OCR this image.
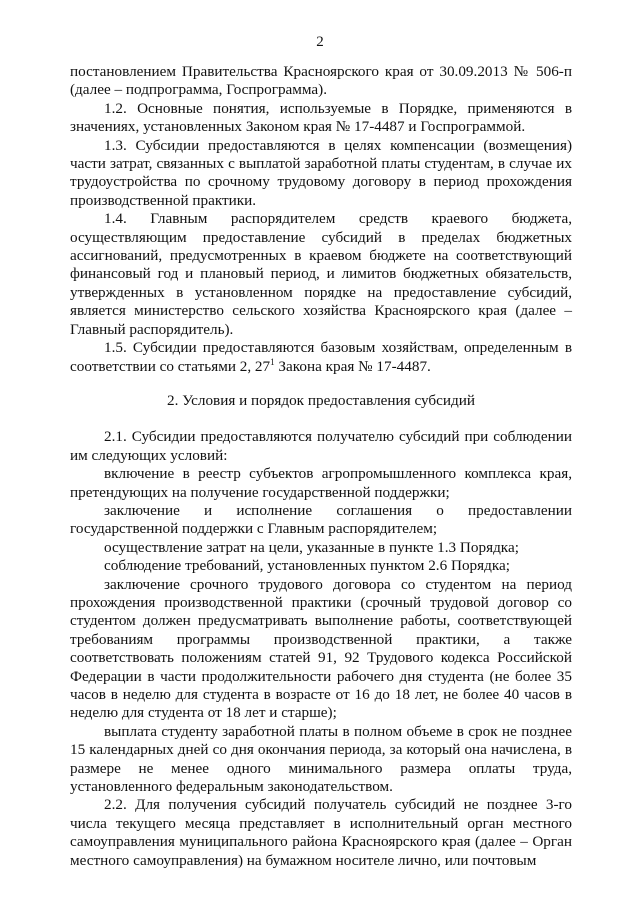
2

постановлением Правительства Красноярского края от 30.09.2013 № 506-п (далее – подпрограмма, Госпрограмма).

1.2. Основные понятия, используемые в Порядке, применяются в значениях, установленных Законом края № 17-4487 и Госпрограммой.

1.3. Субсидии предоставляются в целях компенсации (возмещения) части затрат, связанных с выплатой заработной платы студентам, в случае их трудоустройства по срочному трудовому договору в период прохождения производственной практики.

1.4. Главным распорядителем средств краевого бюджета, осуществляющим предоставление субсидий в пределах бюджетных ассигнований, предусмотренных в краевом бюджете на соответствующий финансовый год и плановый период, и лимитов бюджетных обязательств, утвержденных в установленном порядке на предоставление субсидий, является министерство сельского хозяйства Красноярского края (далее – Главный распорядитель).

1.5. Субсидии предоставляются базовым хозяйствам, определенным в соответствии со статьями 2, $27^1$ Закона края № 17-4487.

2. Условия и порядок предоставления субсидий

2.1. Субсидии предоставляются получателю субсидий при соблюдении им следующих условий:

включение в реестр субъектов агропромышленного комплекса края, претендующих на получение государственной поддержки;

заключение и исполнение соглашения о предоставлении государственной поддержки с Главным распорядителем;

осуществление затрат на цели, указанные в пункте 1.3 Порядка;

соблюдение требований, установленных пунктом 2.6 Порядка;

заключение срочного трудового договора со студентом на период прохождения производственной практики (срочный трудовой договор со студентом должен предусматривать выполнение работы, соответствующей требованиям программы производственной практики, а также соответствовать положениям статей 91, 92 Трудового кодекса Российской Федерации в части продолжительности рабочего дня студента (не более 35 часов в неделю для студента в возрасте от 16 до 18 лет, не более 40 часов в неделю для студента от 18 лет и старше);

выплата студенту заработной платы в полном объеме в срок не позднее 15 календарных дней со дня окончания периода, за который она начислена, в размере не менее одного минимального размера оплаты труда, установленного федеральным законодательством.

2.2. Для получения субсидий получатель субсидий не позднее 3-го числа текущего месяца представляет в исполнительный орган местного самоуправления муниципального района Красноярского края (далее – Орган местного самоуправления) на бумажном носителе лично, или почтовым
